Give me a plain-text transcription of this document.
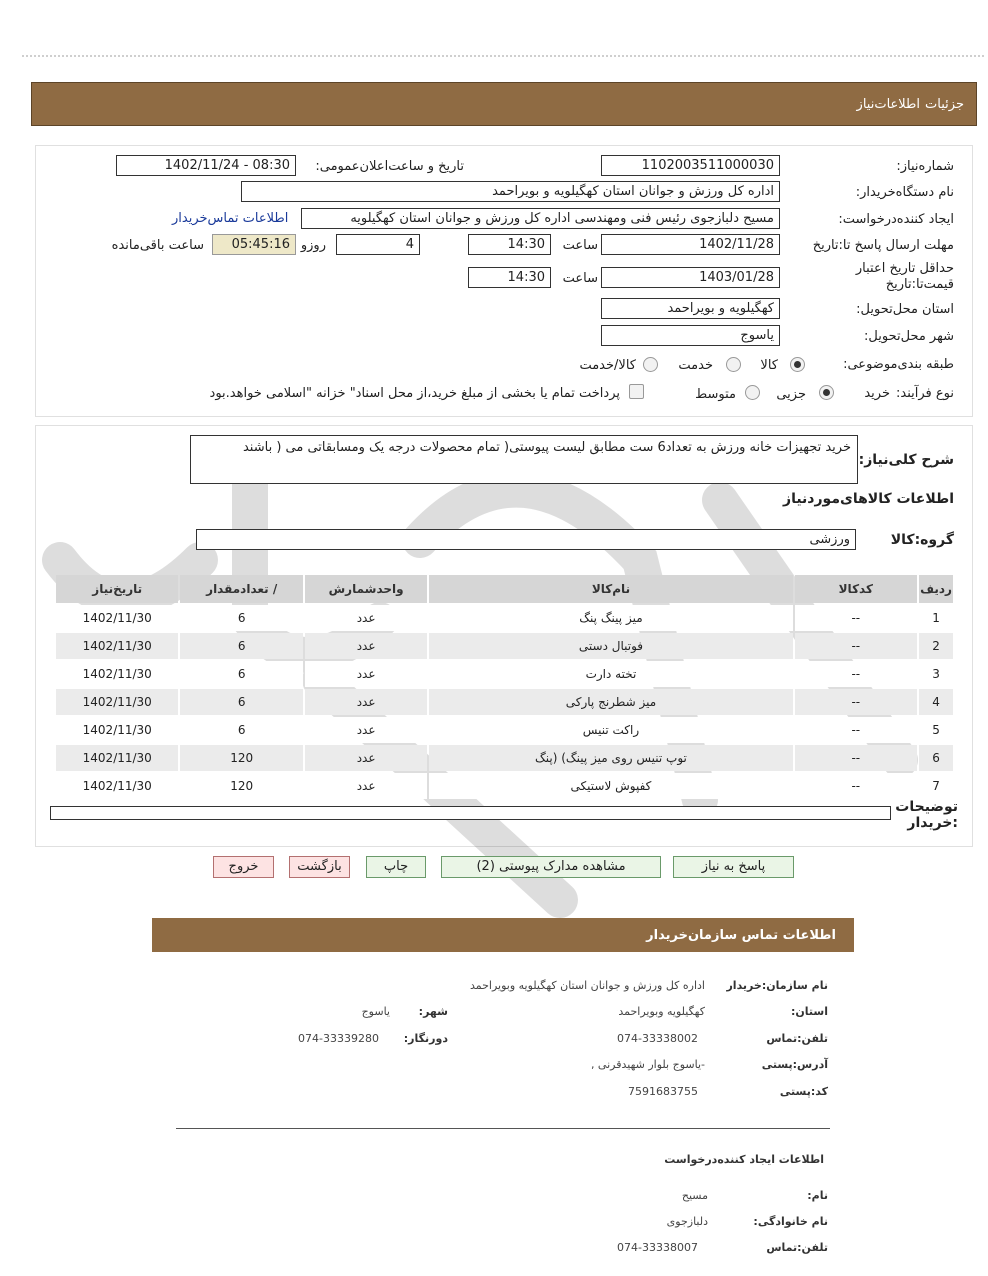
جزئیات
اطلاعات‌نیاز
شماره‌نیاز:
1102003511000030
تاریخ و ساعت‌اعلان‌عمومی:
1402/11/24 - 08:30
نام دستگاه‌خریدار:
اداره کل ورزش و جوانان استان کهگیلویه و بویراحمد
ایجاد کننده‌درخواست:
مسیح دلبازجوی رئیس فنی ومهندسی اداره کل ورزش و جوانان استان کهگیلویه
اطلاعات تماس‌خریدار
مهلت ارسال پاسخ تا‌:تاریخ
1402/11/28
ساعت
14:30
4
روزو
05:45:16
ساعت باقی‌مانده
حداقل تاریخ اعتبار قیمت‌تا‌:تاریخ
1403/01/28
ساعت
14:30
استان محل‌تحویل:
کهگیلویه و بویراحمد
شهر محل‌تحویل:
یاسوج
طبقه بندی‌موضوعی:
کالا
خدمت
کالا/خدمت
نوع فرآیند:
خرید
جزیی
متوسط
پرداخت تمام یا بخشی از مبلغ خرید،از محل اسناد" خزانه "اسلامی خواهد.بود
شرح کلی‌نیاز:
خرید تجهیزات خانه ورزش به تعداد6 ست مطابق لیست پیوستی( تمام محصولات درجه یک ومسابقاتی می ( باشند
اطلاعات کالاهای‌موردنیاز
گروه‌:کالا
ورزشی
ردیف	کدکالا	نام‌کالا	واحدشمارش	/ تعدادمقدار	تاریخ‌نیاز
1	--	میز پینگ پنگ	عدد	6	1402/11/30
2	--	فوتبال دستی	عدد	6	1402/11/30
3	--	تخته دارت	عدد	6	1402/11/30
4	--	میز شطرنج پارکی	عدد	6	1402/11/30
5	--	راکت تنیس	عدد	6	1402/11/30
6	--	توپ تنیس روی میز پینگ) (پنگ	عدد	120	1402/11/30
7	--	کفپوش لاستیکی	عدد	120	1402/11/30
توضیحات :خریدار
پاسخ به نیاز
مشاهده مدارک پیوستی (2)
چاپ
بازگشت
خروج
اطلاعات تماس سازمان‌خریدار
نام سازمان‌:خریدار
اداره کل ورزش و جوانان استان کهگیلویه وبویراحمد
استان:
کهگیلویه وبویراحمد
شهر:
یاسوج
تلفن‌:تماس
074-33338002
دورنگار:
074-33339280
آدرس‌:پستی
-یاسوج بلوار شهیدقرنی ,
کد‌:پستی
7591683755
اطلاعات ایجاد کننده‌درخواست
نام:
مسیح
نام خانوادگی:
دلبازجوی
تلفن‌:تماس
074-33338007
